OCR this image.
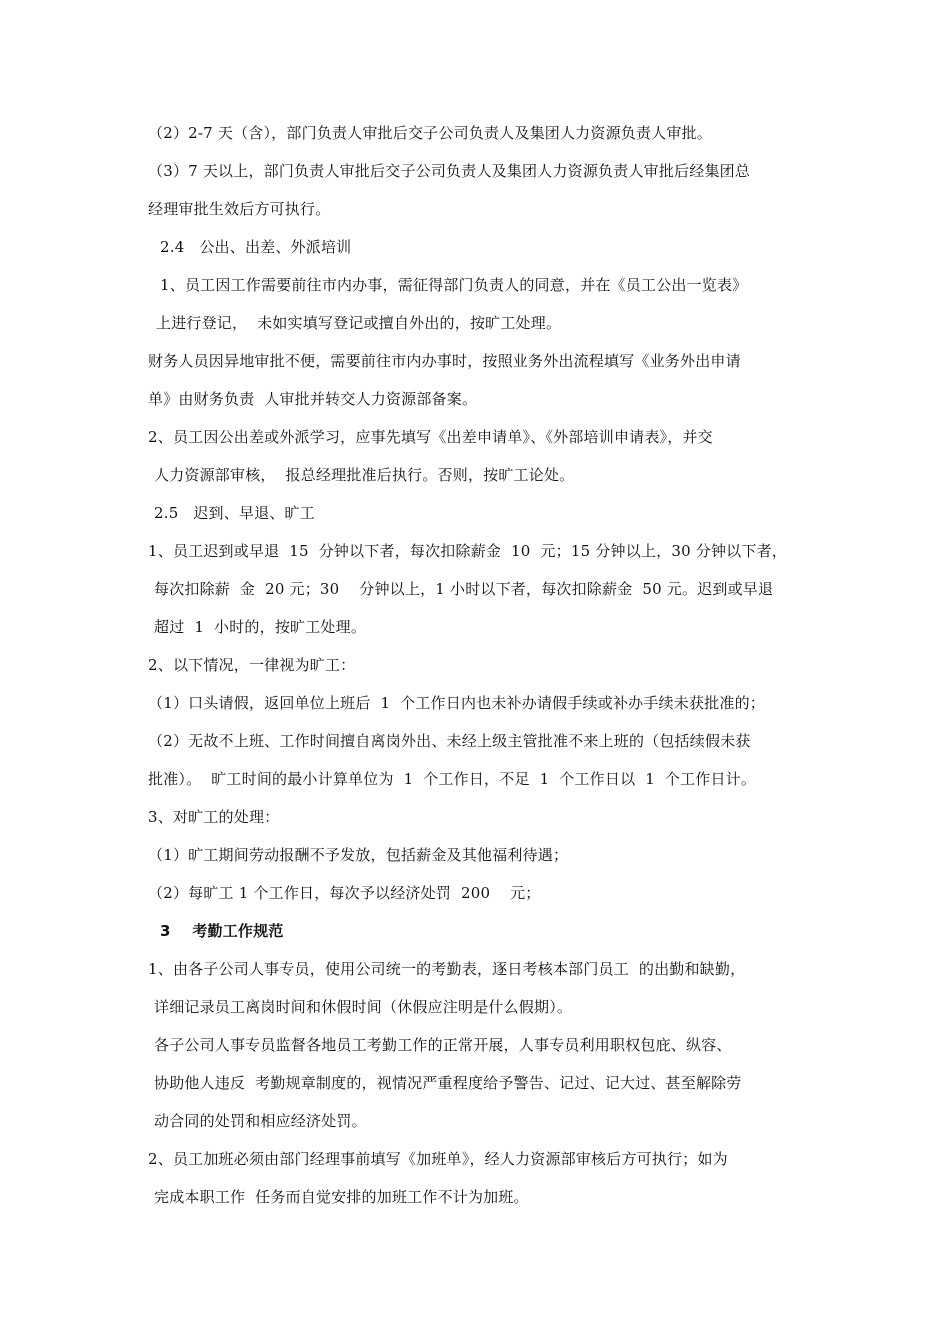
（2）2-7 天（含），部门负责人审批后交子公司负责人及集团人力资源负责人审批。

（3）7 天以上，部门负责人审批后交子公司负责人及集团人力资源负责人审批后经集团总

经理审批生效后方可执行。

2.4   公出、出差、外派培训

1、员工因工作需要前往市内办事，需征得部门负责人的同意，并在《员工公出一览表》

上进行登记，  未如实填写登记或擅自外出的，按旷工处理。

财务人员因异地审批不便，需要前往市内办事时，按照业务外出流程填写《业务外出申请

单》由财务负责  人审批并转交人力资源部备案。

2、员工因公出差或外派学习，应事先填写《出差申请单》、《外部培训申请表》，并交

人力资源部审核，  报总经理批准后执行。否则，按旷工论处。

2.5   迟到、早退、旷工

1、员工迟到或早退  15  分钟以下者，每次扣除薪金  10  元；15 分钟以上，30 分钟以下者，

每次扣除薪  金  20 元；30    分钟以上，1 小时以下者，每次扣除薪金  50 元。迟到或早退

超过  1  小时的，按旷工处理。

2、以下情况，一律视为旷工：

（1）口头请假，返回单位上班后  1  个工作日内也未补办请假手续或补办手续未获批准的；

（2）无故不上班、工作时间擅自离岗外出、未经上级主管批准不来上班的（包括续假未获

批准）。  旷工时间的最小计算单位为  1  个工作日，不足  1  个工作日以  1  个工作日计。

3、对旷工的处理：

（1）旷工期间劳动报酬不予发放，包括薪金及其他福利待遇；

（2）每旷工 1 个工作日，每次予以经济处罚  200    元；

3    考勤工作规范

1、由各子公司人事专员，使用公司统一的考勤表，逐日考核本部门员工  的出勤和缺勤，

详细记录员工离岗时间和休假时间（休假应注明是什么假期）。

各子公司人事专员监督各地员工考勤工作的正常开展，人事专员利用职权包庇、纵容、

协助他人违反  考勤规章制度的，视情况严重程度给予警告、记过、记大过、甚至解除劳

动合同的处罚和相应经济处罚。

2、员工加班必须由部门经理事前填写《加班单》，经人力资源部审核后方可执行；如为

完成本职工作  任务而自觉安排的加班工作不计为加班。
